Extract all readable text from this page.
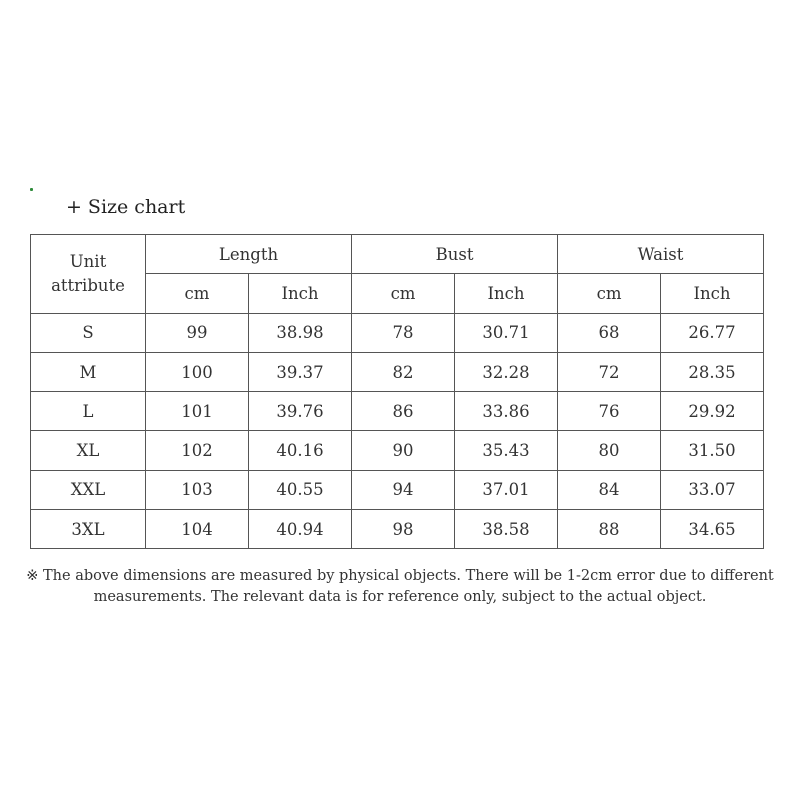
+ Size chart
Unit
attribute	Length		Bust		Waist	
	cm	Inch	cm	Inch	cm	Inch
S	99	38.98	78	30.71	68	26.77
M	100	39.37	82	32.28	72	28.35
L	101	39.76	86	33.86	76	29.92
XL	102	40.16	90	35.43	80	31.50
XXL	103	40.55	94	37.01	84	33.07
3XL	104	40.94	98	38.58	88	34.65
※ The above dimensions are measured by physical objects. There will be 1-2cm error due to different
measurements. The relevant data is for reference only, subject to the actual object.
